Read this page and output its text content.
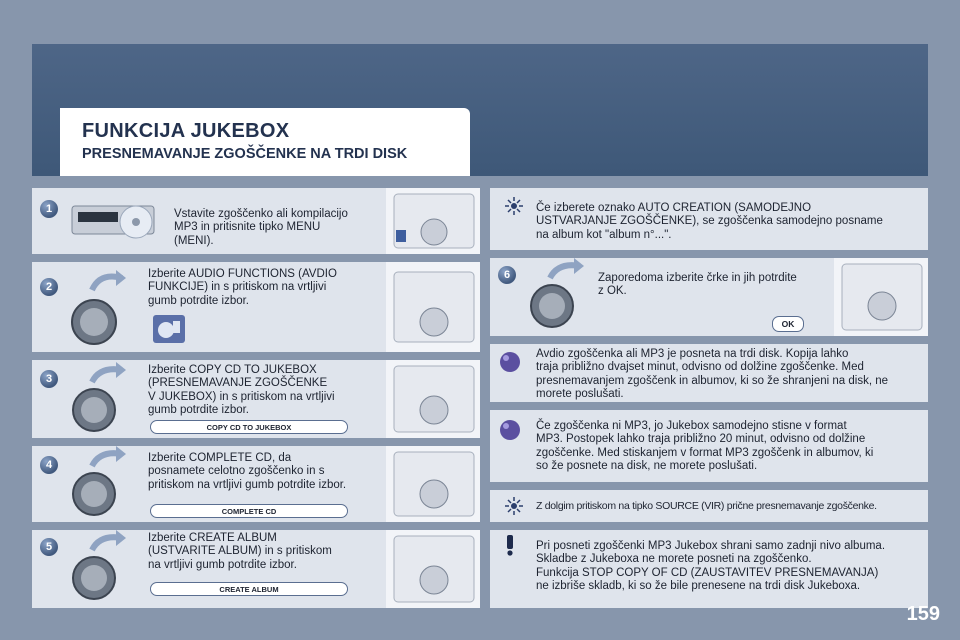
FUNKCIJA JUKEBOX
PRESNEMAVANJE ZGOŠČENKE NA TRDI DISK
1	Vstavite zgoščenko ali kompilacijo
MP3 in pritisnite tipko MENU
(MENI).
2
Izberite AUDIO FUNCTIONS (AVDIO
FUNKCIJE) in s pritiskom na vrtljivi
gumb potrdite izbor.
3
Izberite COPY CD TO JUKEBOX
(PRESNEMAVANJE ZGOŠČENKE
V JUKEBOX) in s pritiskom na vrtljivi
gumb potrdite izbor.
COPY CD TO JUKEBOX
4
Izberite COMPLETE CD, da
posnamete celotno zgoščenko in s
pritiskom na vrtljivi gumb potrdite izbor.
COMPLETE CD
5
Izberite CREATE ALBUM
(USTVARITE ALBUM) in s pritiskom
na vrtljivi gumb potrdite izbor.
CREATE ALBUM
Če izberete oznako AUTO CREATION (SAMODEJNO
USTVARJANJE ZGOŠČENKE), se zgoščenka samodejno posname
na album kot "album n°...".
6	Zaporedoma izberite črke in jih potrdite
z OK.
OK
Avdio zgoščenka ali MP3 je posneta na trdi disk. Kopija lahko
traja približno dvajset minut, odvisno od dolžine zgoščenke. Med
presnemavanjem zgoščenk in albumov, ki so že shranjeni na disk, ne
morete poslušati.
Če zgoščenka ni MP3, jo Jukebox samodejno stisne v format
MP3. Postopek lahko traja približno 20 minut, odvisno od dolžine
zgoščenke. Med stiskanjem v format MP3 zgoščenk in albumov, ki
so že posnete na disk, ne morete poslušati.
Z dolgim pritiskom na tipko SOURCE (VIR) prične presnemavanje zgoščenke.
Pri posneti zgoščenki MP3 Jukebox shrani samo zadnji nivo albuma.
Skladbe z Jukeboxa ne morete posneti na zgoščenko.
Funkcija STOP COPY OF CD (ZAUSTAVITEV PRESNEMAVANJA)
ne izbriše skladb, ki so že bile prenesene na trdi disk Jukeboxa.
159
